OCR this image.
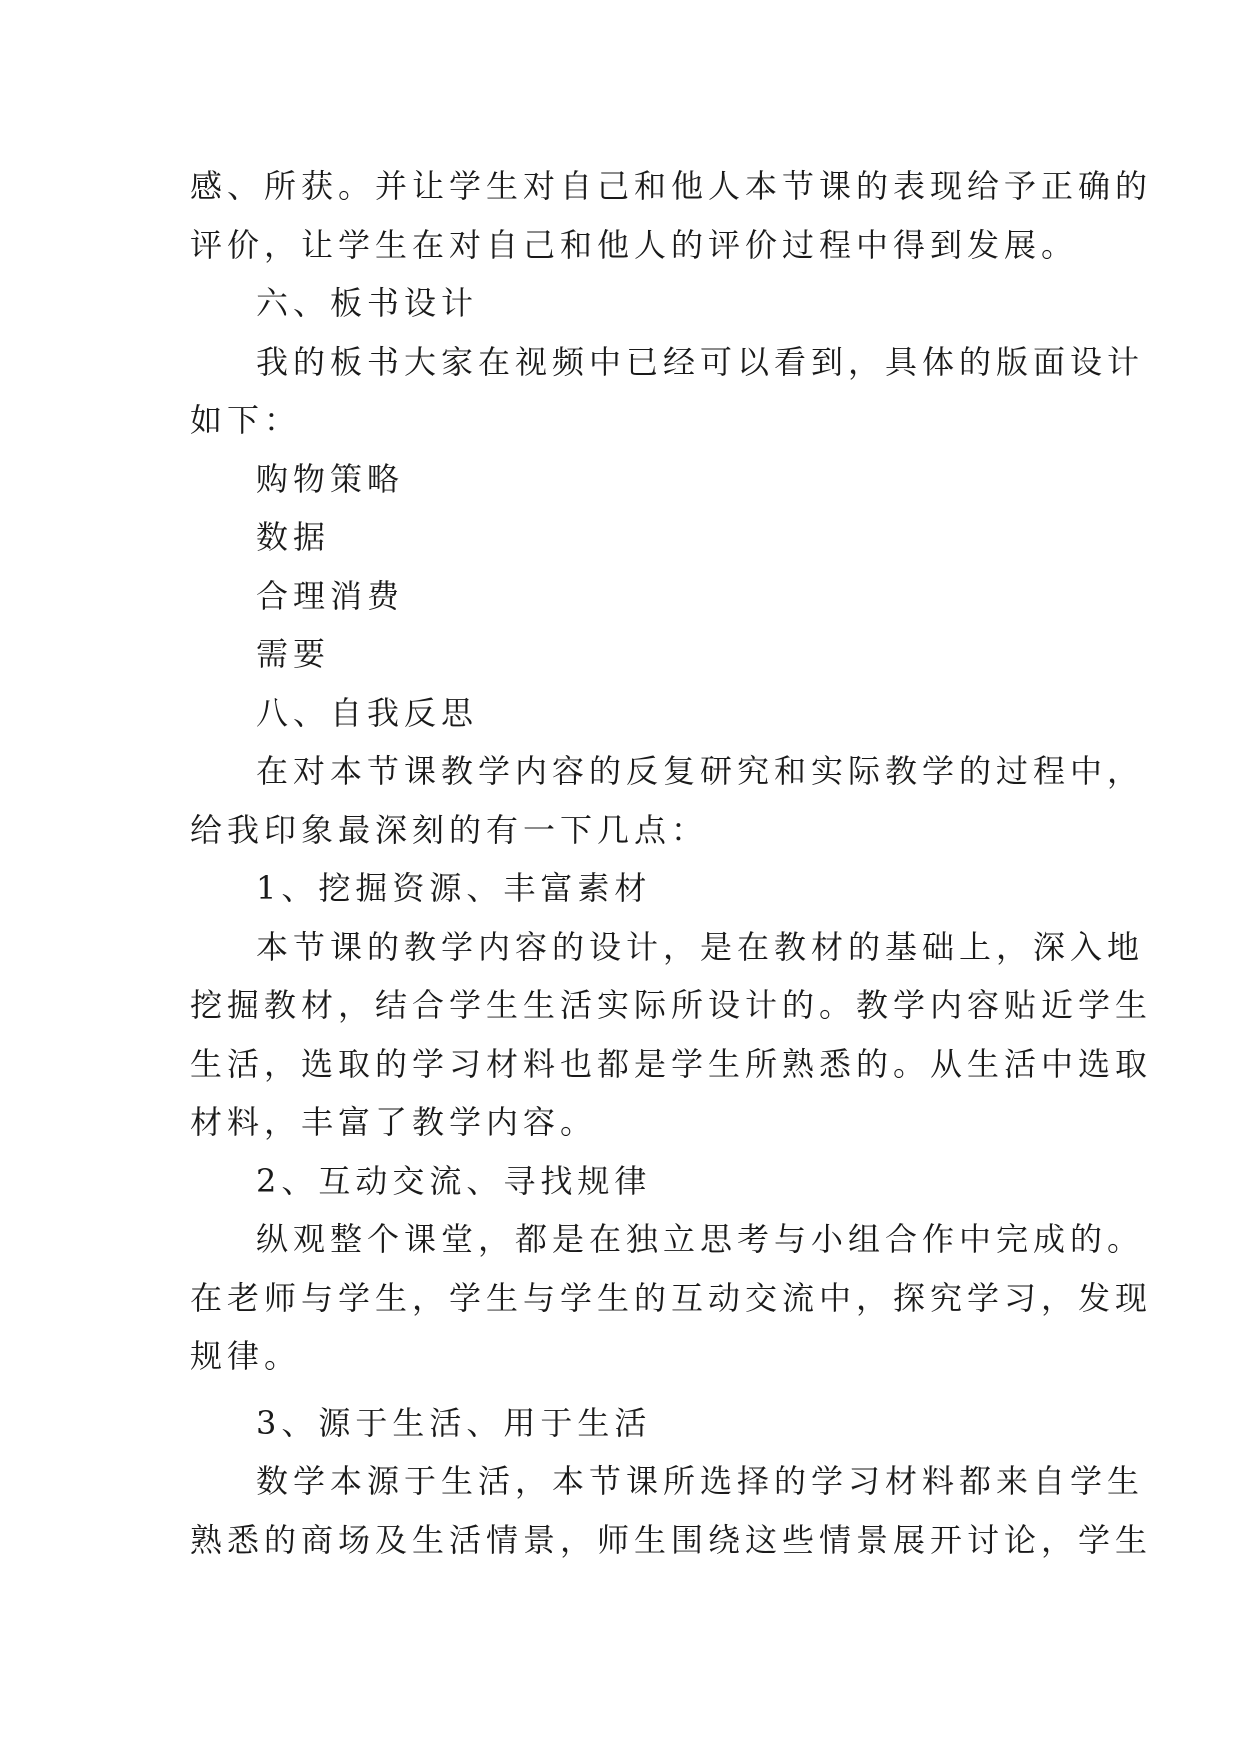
感、所获。并让学生对自己和他人本节课的表现给予正确的
评价，让学生在对自己和他人的评价过程中得到发展。
六、板书设计
我的板书大家在视频中已经可以看到，具体的版面设计
如下：
购物策略
数据
合理消费
需要
八、自我反思
在对本节课教学内容的反复研究和实际教学的过程中，
给我印象最深刻的有一下几点：
1、挖掘资源、丰富素材
本节课的教学内容的设计，是在教材的基础上，深入地
挖掘教材，结合学生生活实际所设计的。教学内容贴近学生
生活，选取的学习材料也都是学生所熟悉的。从生活中选取
材料，丰富了教学内容。
2、互动交流、寻找规律
纵观整个课堂，都是在独立思考与小组合作中完成的。
在老师与学生，学生与学生的互动交流中，探究学习，发现
规律。
3、源于生活、用于生活
数学本源于生活，本节课所选择的学习材料都来自学生
熟悉的商场及生活情景，师生围绕这些情景展开讨论，学生
